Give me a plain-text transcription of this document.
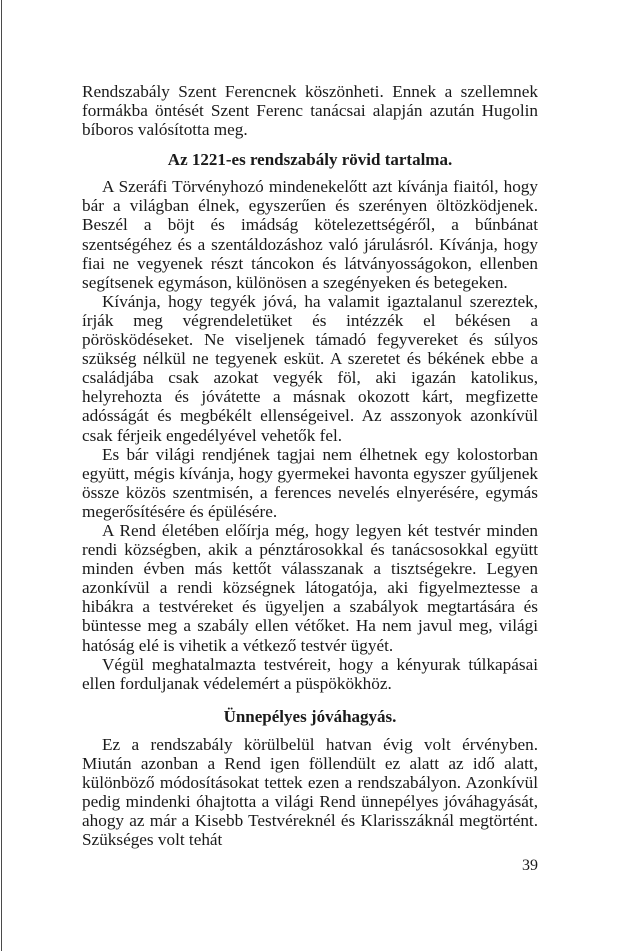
Rendszabály Szent Ferencnek köszönheti. Ennek a szellemnek formákba öntését Szent Ferenc tanácsai alapján azután Hugolin bíboros valósította meg.

Az 1221-es rendszabály rövid tartalma.

A Szeráfi Törvényhozó mindenekelőtt azt kívánja fiaitól, hogy bár a világban élnek, egyszerűen és szerényen öltözködjenek. Beszél a böjt és imádság kötelezettségéről, a bűnbánat szentségéhez és a szentáldozáshoz való járulásról. Kívánja, hogy fiai ne vegyenek részt táncokon és látványosságokon, ellenben segítsenek egymáson, különösen a szegényeken és betegeken.

Kívánja, hogy tegyék jóvá, ha valamit igaztalanul szereztek, írják meg végrendeletüket és intézzék el békésen a pörösködéseket. Ne viseljenek támadó fegyvereket és súlyos szükség nélkül ne tegyenek esküt. A szeretet és békének ebbe a családjába csak azokat vegyék föl, aki igazán katolikus, helyrehozta és jóvátette a másnak okozott kárt, megfizette adósságát és megbékélt ellenségeivel. Az asszonyok azonkívül csak férjeik engedélyével vehetők fel.

Es bár világi rendjének tagjai nem élhetnek egy kolostorban együtt, mégis kívánja, hogy gyermekei havonta egyszer gyűljenek össze közös szentmisén, a ferences nevelés elnyerésére, egymás megerősítésére és épülésére.

A Rend életében előírja még, hogy legyen két testvér minden rendi községben, akik a pénztárosokkal és tanácsosokkal együtt minden évben más kettőt válasszanak a tisztségekre. Legyen azonkívül a rendi községnek látogatója, aki figyelmeztesse a hibákra a testvéreket és ügyeljen a szabályok megtartására és büntesse meg a szabály ellen vétőket. Ha nem javul meg, világi hatóság elé is vihetik a vétkező testvér ügyét.

Végül meghatalmazta testvéreit, hogy a kényurak túlkapásai ellen forduljanak védelemért a püspökökhöz.

Ünnepélyes jóváhagyás.

Ez a rendszabály körülbelül hatvan évig volt érvényben. Miután azonban a Rend igen föllendült ez alatt az idő alatt, különböző módosításokat tettek ezen a rendszabályon. Azonkívül pedig mindenki óhajtotta a világi Rend ünnepélyes jóváhagyását, ahogy az már a Kisebb Testvéreknél és Klarisszáknál megtörtént. Szükséges volt tehát

39
